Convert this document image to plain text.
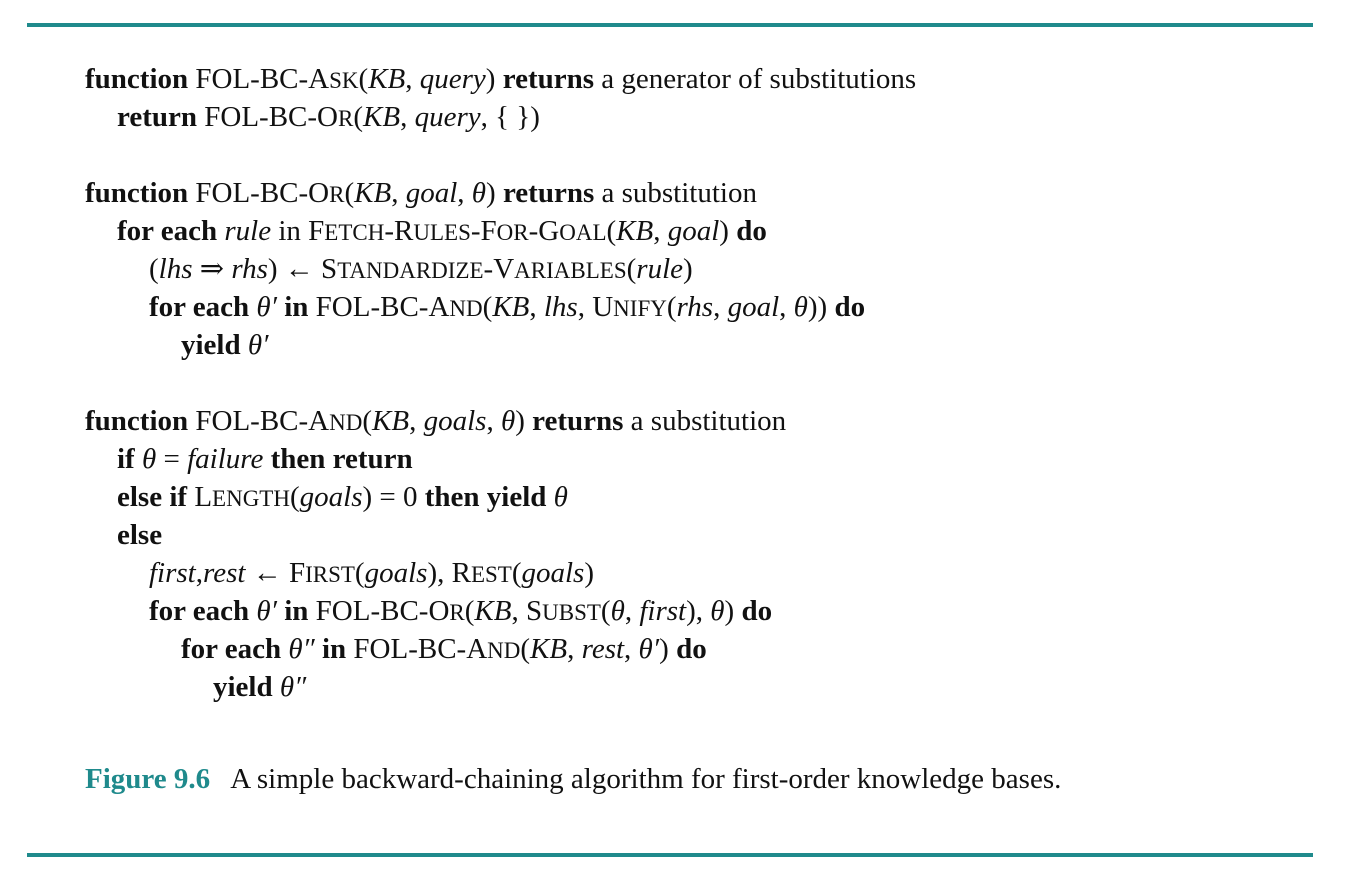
function FOL-BC-ASK(KB, query) returns a generator of substitutions
return FOL-BC-OR(KB, query, { })
function FOL-BC-OR(KB, goal, θ) returns a substitution
for each rule in FETCH-RULES-FOR-GOAL(KB, goal) do
(lhs ⇒ rhs) ← STANDARDIZE-VARIABLES(rule)
for each θ′ in FOL-BC-AND(KB, lhs, UNIFY(rhs, goal, θ)) do
yield θ′
function FOL-BC-AND(KB, goals, θ) returns a substitution
if θ = failure then return
else if LENGTH(goals) = 0 then yield θ
else
first,rest ← FIRST(goals), REST(goals)
for each θ′ in FOL-BC-OR(KB, SUBST(θ, first), θ) do
for each θ″ in FOL-BC-AND(KB, rest, θ′) do
yield θ″
Figure 9.6 A simple backward-chaining algorithm for first-order knowledge bases.
